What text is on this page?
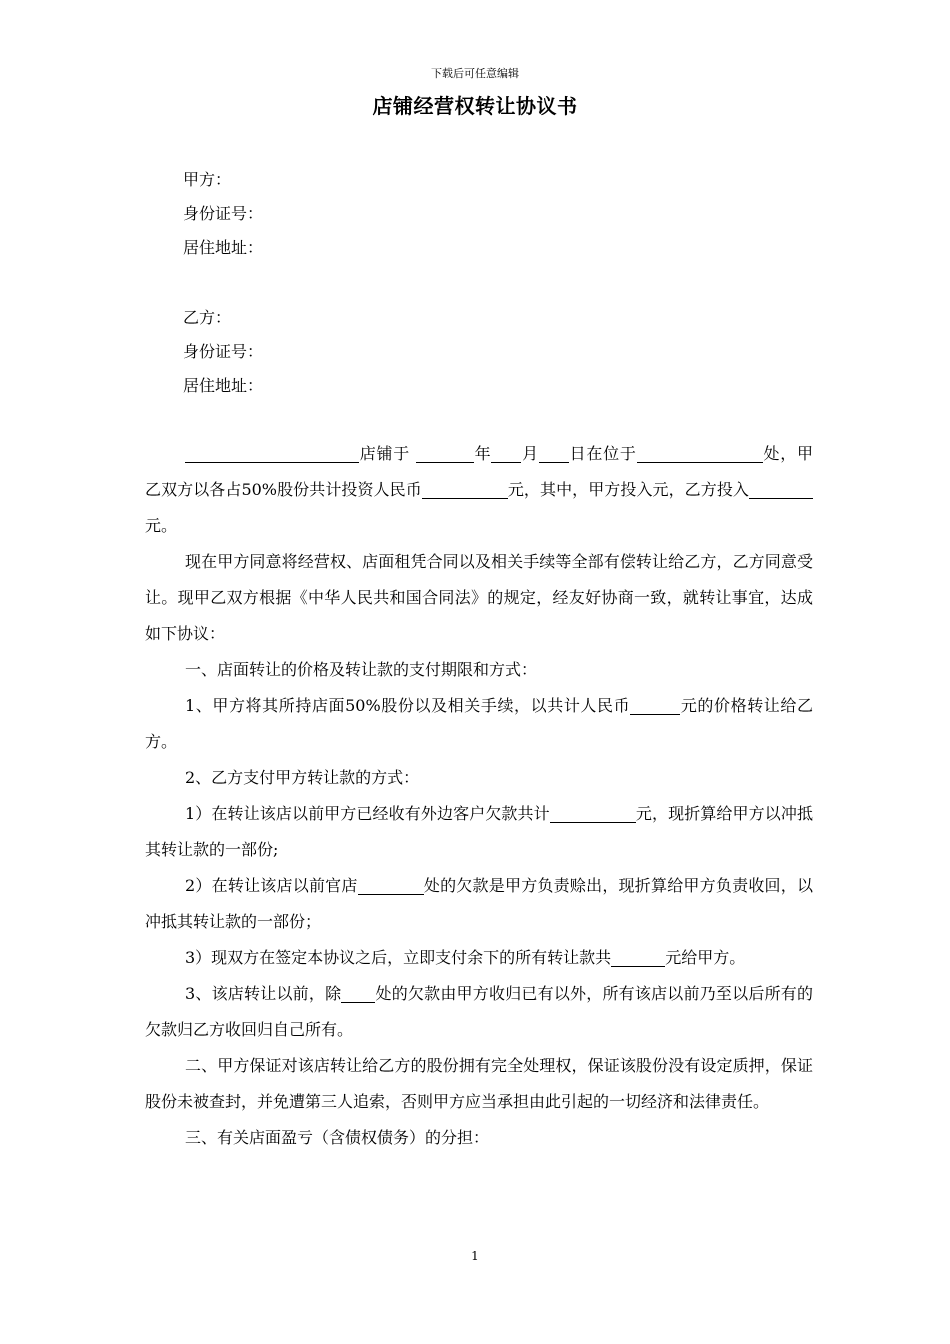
下载后可任意编辑
店铺经营权转让协议书
甲方：
身份证号：
居住地址：
乙方：
身份证号：
居住地址：

店铺于	年 月 日在位于	处，甲乙双方以各占50%股份共计投资人民币	元，其中，甲方投入元，乙方投入元。

现在甲方同意将经营权、店面租凭合同以及相关手续等全部有偿转让给乙方，乙方同意受让。现甲乙双方根据《中华人民共和国合同法》的规定，经友好协商一致，就转让事宜，达成如下协议：

一、店面转让的价格及转让款的支付期限和方式：

1、甲方将其所持店面50%股份以及相关手续，以共计人民币	元的价格转让给乙方。

2、乙方支付甲方转让款的方式：

1）在转让该店以前甲方已经收有外边客户欠款共计	元，现折算给甲方以冲抵其转让款的一部份;

2）在转让该店以前官店	处的欠款是甲方负责赊出，现折算给甲方负责收回，以冲抵其转让款的一部份；

3）现双方在签定本协议之后，立即支付余下的所有转让款共	元给甲方。

3、该店转让以前，除 处的欠款由甲方收归已有以外，所有该店以前乃至以后所有的欠款归乙方收回归自己所有。

二、甲方保证对该店转让给乙方的股份拥有完全处理权，保证该股份没有设定质押，保证股份未被查封，并免遭第三人追索，否则甲方应当承担由此引起的一切经济和法律责任。

三、有关店面盈亏（含债权债务）的分担：

1
